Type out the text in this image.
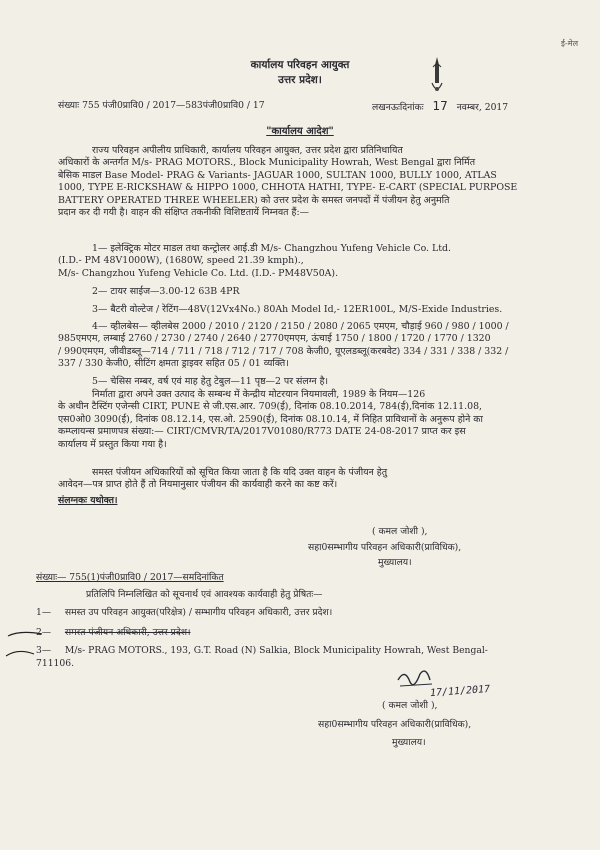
ई-मेल
कार्यालय परिवहन आयुक्त
उत्तर प्रदेश।
संख्याः 755 पंजी0प्रावि0 / 2017—583पंजी0प्रावि0 / 17	लखनऊःदिनांकः 17 नवम्बर, 2017
"कार्यालय आदेश"
राज्य परिवहन अपीलीय प्राधिकारी, कार्यालय परिवहन आयुक्त, उत्तर प्रदेश द्वारा प्रतिनिधायित
अधिकारों के अन्तर्गत M/s- PRAG MOTORS., Block Municipality Howrah, West Bengal द्वारा निर्मित
बेसिक माडल Base Model- PRAG & Variants- JAGUAR 1000, SULTAN 1000, BULLY 1000, ATLAS
1000, TYPE E-RICKSHAW & HIPPO 1000, CHHOTA HATHI, TYPE- E-CART (SPECIAL PURPOSE
BATTERY OPERATED THREE WHEELER) को उत्तर प्रदेश के समस्त जनपदों में पंजीयन हेतु अनुमति
प्रदान कर दी गयी है। वाहन की संक्षिप्त तकनीकी विशिष्टतायें निम्नवत हैं:—
1— इलेक्ट्रिक मोटर माडल तथा कन्ट्रोलर आई.डी M/s- Changzhou Yufeng Vehicle Co. Ltd.
(I.D.- PM 48V1000W), (1680W, speed 21.39 kmph).,
M/s- Changzhou Yufeng Vehicle Co. Ltd. (I.D.- PM48V50A).
2— टायर साईज—3.00-12 63B 4PR
3— बैटरी वोल्टेज / रेटिंग—48V(12Vx4No.) 80Ah Model Id,- 12ER100L, M/S-Exide Industries.
4— व्हीलबेस— व्हीलबेस 2000 / 2010 / 2120 / 2150 / 2080 / 2065 एमएम, चौड़ाई 960 / 980 / 1000 /
985एमएम, लम्बाई 2760 / 2730 / 2740 / 2640 / 2770एमएम, ऊंचाई 1750 / 1800 / 1720 / 1770 / 1320
/ 990एमएम, जीवीडब्लू—714 / 711 / 718 / 712 / 717 / 708 केजी0, यूएलडब्लू(करबवेट) 334 / 331 / 338 / 332 /
337 / 330 केजी0, सीटिंग क्षमता ड्राइवर सहित 05 / 01 व्यक्ति।
5— चेसिस नम्बर, वर्ष एवं माह हेतु टेबुल—11 पृष्ठ—2 पर संलग्न है।
निर्माता द्वारा अपने उक्त उत्पाद के सम्बन्ध में केन्द्रीय मोटरयान नियमावली, 1989 के नियम—126
के अधीन टैस्टिंग एजेन्सी CIRT, PUNE से जी.एस.आर. 709(ई), दिनांक 08.10.2014, 784(ई),दिनांक 12.11.08,
एस0ओ0 3090(ई), दिनांक 08.12.14, एस.ओ. 2590(ई), दिनांक 08.10.14, में निहित प्राविधानों के अनुरूप होने का
कम्प्लायन्स प्रमाणपत्र संख्या:— CIRT/CMVR/TA/2017V01080/R773 DATE 24-08-2017 प्राप्त कर इस
कार्यालय में प्रस्तुत किया गया है।
समस्त पंजीयन अधिकारियों को सूचित किया जाता है कि यदि उक्त वाहन के पंजीयन हेतु
आवेदन—पत्र प्राप्त होते हैं तो नियमानुसार पंजीयन की कार्यवाही करने का कष्ट करें।
संलग्नकः यथोक्त।
( कमल जोशी ),
सहा0सम्भागीय परिवहन अधिकारी(प्राविधिक),
मुख्यालय।
संख्याः— 755(1)पंजी0प्रावि0 / 2017—समदिनांकित
प्रतिलिपि निम्नलिखित को सूचनार्थ एवं आवश्यक कार्यवाही हेतु प्रेषितः—
1— समस्त उप परिवहन आयुक्त(परिक्षेत्र) / सम्भागीय परिवहन अधिकारी, उत्तर प्रदेश।
2— समस्त पंजीयन अधिकारी, उत्तर प्रदेश।
3— M/s- PRAG MOTORS., 193, G.T. Road (N) Salkia, Block Municipality Howrah, West Bengal-
711106.
17/11/2017
( कमल जोशी ),
सहा0सम्भागीय परिवहन अधिकारी(प्राविधिक),
मुख्यालय।
